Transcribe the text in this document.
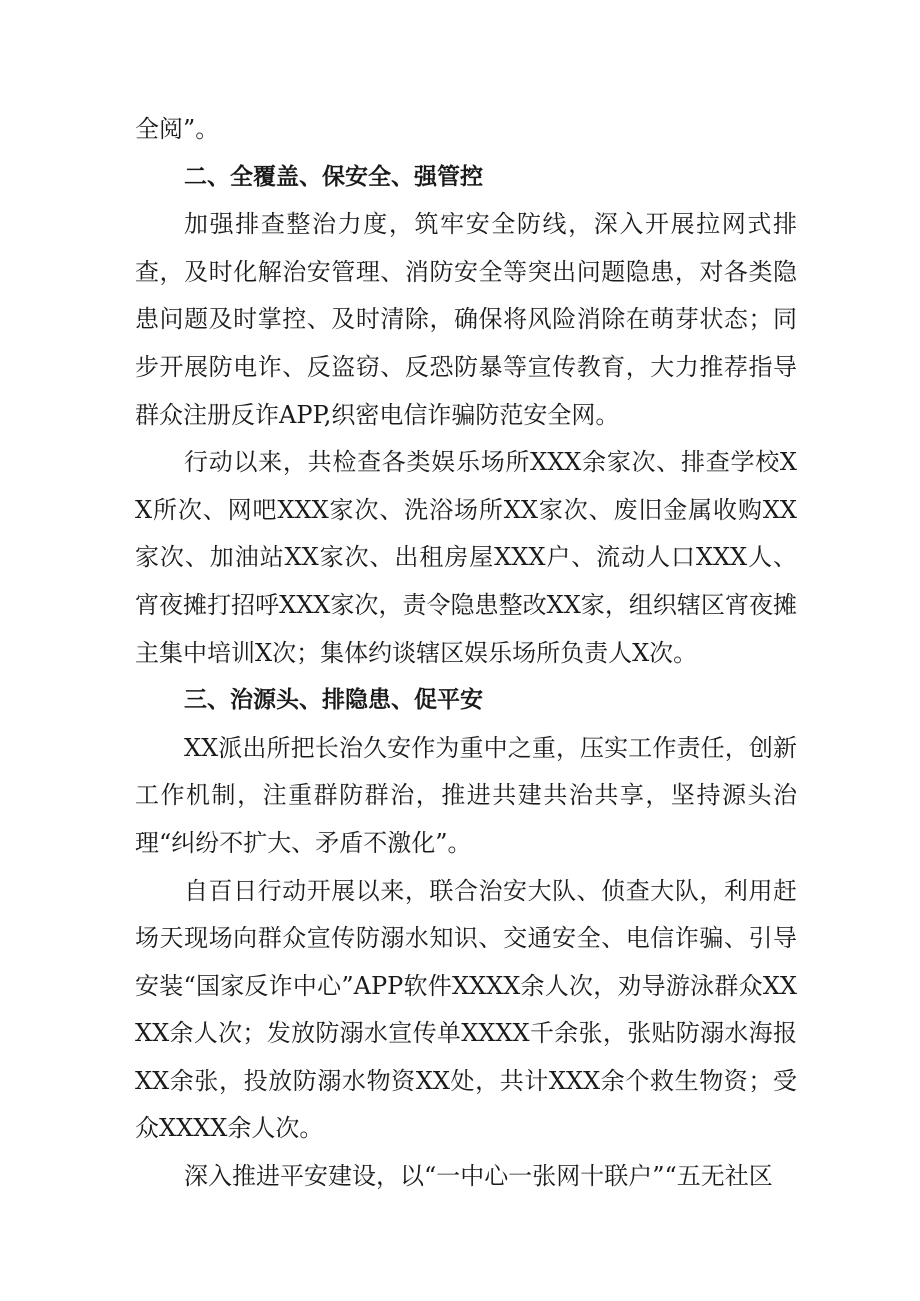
全阅”。

二、全覆盖、保安全、强管控

加强排查整治力度，筑牢安全防线，深入开展拉网式排查，及时化解治安管理、消防安全等突出问题隐患，对各类隐患问题及时掌控、及时清除，确保将风险消除在萌芽状态；同步开展防电诈、反盗窃、反恐防暴等宣传教育，大力推荐指导群众注册反诈APP,织密电信诈骗防范安全网。

行动以来，共检查各类娱乐场所XXX余家次、排查学校XX所次、网吧XXX家次、洗浴场所XX家次、废旧金属收购XX家次、加油站XX家次、出租房屋XXX户、流动人口XXX人、宵夜摊打招呼XXX家次，责令隐患整改XX家，组织辖区宵夜摊主集中培训X次；集体约谈辖区娱乐场所负责人X次。

三、治源头、排隐患、促平安

XX派出所把长治久安作为重中之重，压实工作责任，创新工作机制，注重群防群治，推进共建共治共享，坚持源头治理“纠纷不扩大、矛盾不激化”。

自百日行动开展以来，联合治安大队、侦查大队，利用赶场天现场向群众宣传防溺水知识、交通安全、电信诈骗、引导安装“国家反诈中心”APP软件XXXX余人次，劝导游泳群众XXXX余人次；发放防溺水宣传单XXXX千余张，张贴防溺水海报XX余张，投放防溺水物资XX处，共计XXX余个救生物资；受众XXXX余人次。

深入推进平安建设，以“一中心一张网十联户”“五无社区
